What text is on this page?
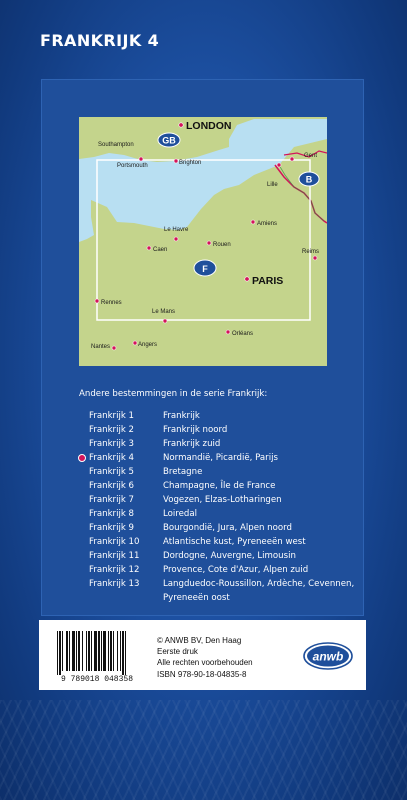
FRANKRIJK 4
GB
B
F
LONDON
PARIS
Southampton
Portsmouth	Brighton
Gent
Lille
Amiens
Le Havre
Rouen
Caen	Reims
Rennes
Le Mans
Orléans
Nantes	Angers

Andere bestemmingen in de serie Frankrijk:

Frankrijk 1	Frankrijk
Frankrijk 2	Frankrijk noord
Frankrijk 3	Frankrijk zuid
Frankrijk 4	Normandië, Picardië, Parijs
Frankrijk 5	Bretagne
Frankrijk 6	Champagne, Île de France
Frankrijk 7	Vogezen, Elzas-Lotharingen
Frankrijk 8	Loiredal
Frankrijk 9	Bourgondië, Jura, Alpen noord
Frankrijk 10	Atlantische kust, Pyreneeën west
Frankrijk 11	Dordogne, Auvergne, Limousin
Frankrijk 12	Provence, Cote d'Azur, Alpen zuid
Frankrijk 13	Langduedoc-Roussillon, Ardèche, Cevennen, Pyreneeën oost
9 789018 048358
© ANWB BV, Den Haag
Eerste druk
Alle rechten voorbehouden
ISBN 978-90-18-04835-8
anwb
